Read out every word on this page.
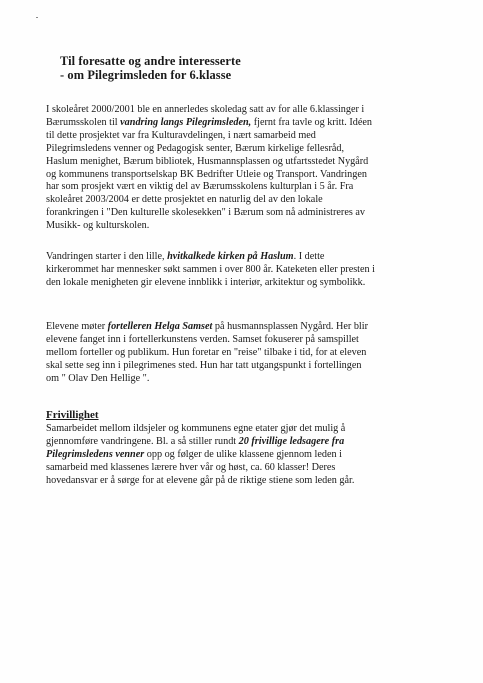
Til foresatte og andre interesserte
- om Pilegrimsleden for 6.klasse
I skoleåret 2000/2001 ble en annerledes skoledag satt av for alle 6.klassinger i
Bærumsskolen til vandring langs Pilegrimsleden, fjernt fra tavle og kritt. Idéen
til dette prosjektet var fra Kulturavdelingen, i nært samarbeid med
Pilegrimsledens venner og Pedagogisk senter, Bærum kirkelige fellesråd,
Haslum menighet, Bærum bibliotek, Husmannsplassen og utfartsstedet Nygård
og kommunens transportselskap BK Bedrifter Utleie og Transport. Vandringen
har som prosjekt vært en viktig del av Bærumsskolens kulturplan i 5 år. Fra
skoleåret 2003/2004 er dette prosjektet en naturlig del av den lokale
forankringen i "Den kulturelle skolesekken" i Bærum som nå administreres av
Musikk- og kulturskolen.
Vandringen starter i den lille, hvitkalkede kirken på Haslum. I dette
kirkerommet har mennesker søkt sammen i over 800 år. Kateketen eller presten i
den lokale menigheten gir elevene innblikk i interiør, arkitektur og symbolikk.
Elevene møter fortelleren Helga Samset på husmannsplassen Nygård. Her blir
elevene fanget inn i fortellerkunstens verden. Samset fokuserer på samspillet
mellom forteller og publikum. Hun foretar en "reise" tilbake i tid, for at eleven
skal sette seg inn i pilegrimenes sted. Hun har tatt utgangspunkt i fortellingen
om " Olav Den Hellige ".
Frivillighet
Samarbeidet mellom ildsjeler og kommunens egne etater gjør det mulig å
gjennomføre vandringene. Bl. a så stiller rundt 20 frivillige ledsagere fra
Pilegrimsledens venner opp og følger de ulike klassene gjennom leden i
samarbeid med klassenes lærere hver vår og høst, ca. 60 klasser! Deres
hovedansvar er å sørge for at elevene går på de riktige stiene som leden går.
